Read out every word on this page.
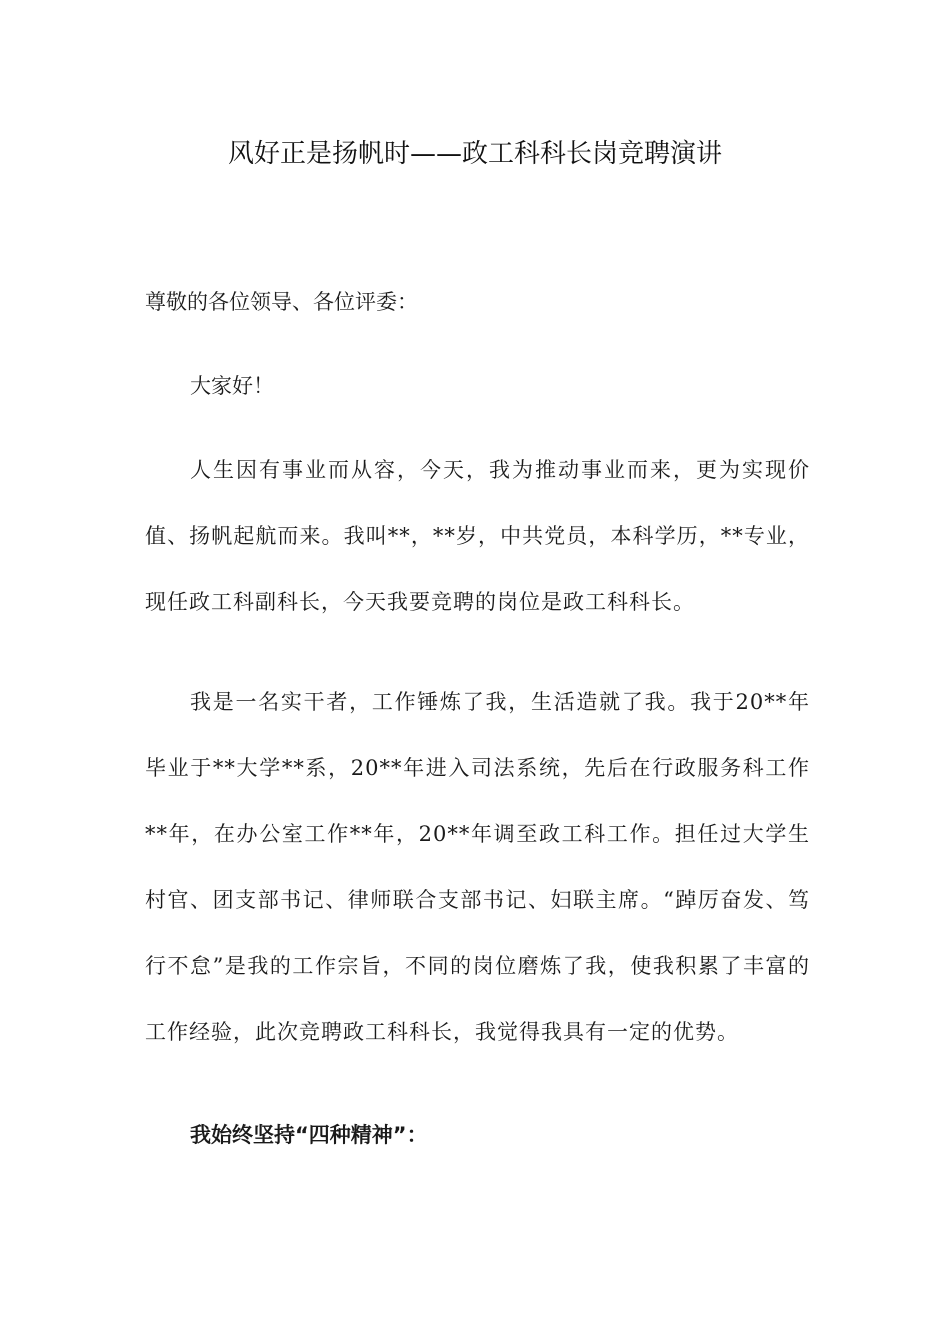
风好正是扬帆时——政工科科长岗竞聘演讲
尊敬的各位领导、各位评委：
大家好！
人生因有事业而从容，今天，我为推动事业而来，更为实现价值、扬帆起航而来。我叫**，**岁，中共党员，本科学历，**专业，现任政工科副科长，今天我要竞聘的岗位是政工科科长。
我是一名实干者，工作锤炼了我，生活造就了我。我于20**年毕业于**大学**系，20**年进入司法系统，先后在行政服务科工作**年，在办公室工作**年，20**年调至政工科工作。担任过大学生村官、团支部书记、律师联合支部书记、妇联主席。“踔厉奋发、笃行不怠”是我的工作宗旨，不同的岗位磨炼了我，使我积累了丰富的工作经验，此次竞聘政工科科长，我觉得我具有一定的优势。
我始终坚持“四种精神”：
